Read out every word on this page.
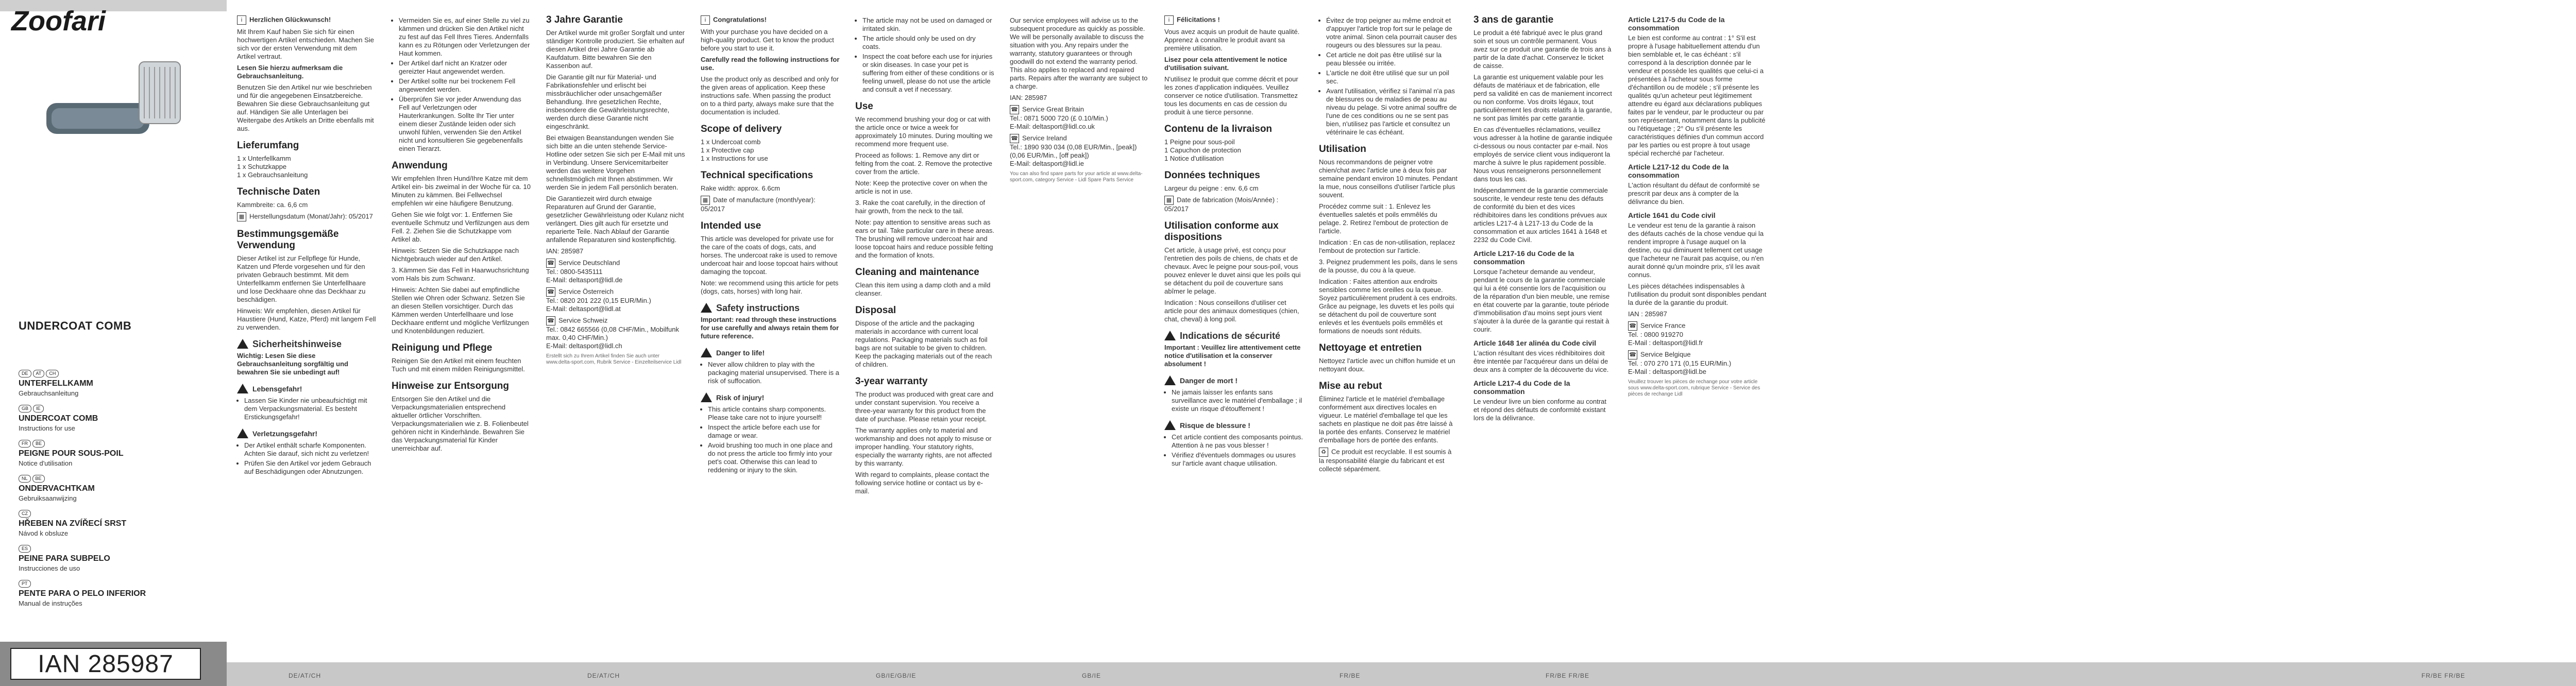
Zoofari
UNDERCOAT COMB
DE AT CH
UNTERFELLKAMM
Gebrauchsanleitung
GB IE
UNDERCOAT COMB
Instructions for use
FR BE
PEIGNE POUR SOUS-POIL
Notice d'utilisation
NL BE
ONDERVACHTKAM
Gebruiksaanwijzing
CZ
HŘEBEN NA ZVÍŘECÍ SRST
Návod k obsluze
ES
PEINE PARA SUBPELO
Instrucciones de uso
PT
PENTE PARA O PELO INFERIOR
Manual de instruções
IAN 285987

i Herzlichen Glückwunsch!

Mit Ihrem Kauf haben Sie sich für einen hochwertigen Artikel entschieden. Machen Sie sich vor der ersten Verwendung mit dem Artikel vertraut.

Lesen Sie hierzu aufmerksam die Gebrauchsanleitung.

Benutzen Sie den Artikel nur wie beschrieben und für die angegebenen Einsatzbereiche. Bewahren Sie diese Gebrauchsanleitung gut auf. Händigen Sie alle Unterlagen bei Weitergabe des Artikels an Dritte ebenfalls mit aus.

Lieferumfang

1 x Unterfellkamm

1 x Schutzkappe

1 x Gebrauchsanleitung

Technische Daten

Kammbreite: ca. 6,6 cm

▦ Herstellungsdatum (Monat/Jahr): 05/2017

Bestimmungsgemäße Verwendung

Dieser Artikel ist zur Fellpflege für Hunde, Katzen und Pferde vorgesehen und für den privaten Gebrauch bestimmt. Mit dem Unterfellkamm entfernen Sie Unterfellhaare und lose Deckhaare ohne das Deckhaar zu beschädigen.

Hinweis: Wir empfehlen, diesen Artikel für Haustiere (Hund, Katze, Pferd) mit langem Fell zu verwenden.

Sicherheitshinweise

Wichtig: Lesen Sie diese Gebrauchsanleitung sorgfältig und bewahren Sie sie unbedingt auf!

Lebensgefahr!
• Lassen Sie Kinder nie unbeaufsichtigt mit dem Verpackungsmaterial. Es besteht Erstickungsgefahr!
Verletzungsgefahr!
• Der Artikel enthält scharfe Komponenten. Achten Sie darauf, sich nicht zu verletzen!
• Prüfen Sie den Artikel vor jedem Gebrauch auf Beschädigungen oder Abnutzungen.
• Vermeiden Sie es, auf einer Stelle zu viel zu kämmen und drücken Sie den Artikel nicht zu fest auf das Fell Ihres Tieres. Andernfalls kann es zu Rötungen oder Verletzungen der Haut kommen.
• Der Artikel darf nicht an Kratzer oder gereizter Haut angewendet werden.
• Der Artikel sollte nur bei trockenem Fell angewendet werden.
• Überprüfen Sie vor jeder Anwendung das Fell auf Verletzungen oder Hauterkrankungen. Sollte Ihr Tier unter einem dieser Zustände leiden oder sich unwohl fühlen, verwenden Sie den Artikel nicht und konsultieren Sie gegebenenfalls einen Tierarzt.
Anwendung

Wir empfehlen Ihren Hund/Ihre Katze mit dem Artikel ein- bis zweimal in der Woche für ca. 10 Minuten zu kämmen. Bei Fellwechsel empfehlen wir eine häufigere Benutzung.

Gehen Sie wie folgt vor: 1. Entfernen Sie eventuelle Schmutz und Verfilzungen aus dem Fell. 2. Ziehen Sie die Schutzkappe vom Artikel ab.

Hinweis: Setzen Sie die Schutzkappe nach Nichtgebrauch wieder auf den Artikel.

3. Kämmen Sie das Fell in Haarwuchsrichtung vom Hals bis zum Schwanz.

Hinweis: Achten Sie dabei auf empfindliche Stellen wie Ohren oder Schwanz. Setzen Sie an diesen Stellen vorsichtiger. Durch das Kämmen werden Unterfellhaare und lose Deckhaare entfernt und mögliche Verfilzungen und Knotenbildungen reduziert.

Reinigung und Pflege

Reinigen Sie den Artikel mit einem feuchten Tuch und mit einem milden Reinigungsmittel.

Hinweise zur Entsorgung

Entsorgen Sie den Artikel und die Verpackungsmaterialien entsprechend aktueller örtlicher Vorschriften. Verpackungsmaterialien wie z. B. Folienbeutel gehören nicht in Kinderhände. Bewahren Sie das Verpackungsmaterial für Kinder unerreichbar auf.

3 Jahre Garantie

Der Artikel wurde mit großer Sorgfalt und unter ständiger Kontrolle produziert. Sie erhalten auf diesen Artikel drei Jahre Garantie ab Kaufdatum. Bitte bewahren Sie den Kassenbon auf.

Die Garantie gilt nur für Material- und Fabrikationsfehler und erlischt bei missbräuchlicher oder unsachgemäßer Behandlung. Ihre gesetzlichen Rechte, insbesondere die Gewährleistungsrechte, werden durch diese Garantie nicht eingeschränkt.

Bei etwaigen Beanstandungen wenden Sie sich bitte an die unten stehende Service-Hotline oder setzen Sie sich per E-Mail mit uns in Verbindung. Unsere Servicemitarbeiter werden das weitere Vorgehen schnellstmöglich mit Ihnen abstimmen. Wir werden Sie in jedem Fall persönlich beraten.

Die Garantiezeit wird durch etwaige Reparaturen auf Grund der Garantie, gesetzlicher Gewährleistung oder Kulanz nicht verlängert. Dies gilt auch für ersetzte und reparierte Teile. Nach Ablauf der Garantie anfallende Reparaturen sind kostenpflichtig.

IAN: 285987

☎ Service Deutschland

Tel.: 0800-5435111

E-Mail: deltasport@lidl.de

☎ Service Österreich

Tel.: 0820 201 222 (0,15 EUR/Min.)

E-Mail: deltasport@lidl.at

☎ Service Schweiz

Tel.: 0842 665566 (0,08 CHF/Min., Mobilfunk max. 0,40 CHF/Min.)

E-Mail: deltasport@lidl.ch

Erstellt sich zu Ihrem Artikel finden Sie auch unter www.delta-sport.com, Rubrik Service - Einzelteilservice Lidl

i Congratulations!

With your purchase you have decided on a high-quality product. Get to know the product before you start to use it.

Carefully read the following instructions for use.

Use the product only as described and only for the given areas of application. Keep these instructions safe. When passing the product on to a third party, always make sure that the documentation is included.

Scope of delivery

1 x Undercoat comb

1 x Protective cap

1 x Instructions for use

Technical specifications

Rake width: approx. 6.6cm

▦ Date of manufacture (month/year): 05/2017

Intended use

This article was developed for private use for the care of the coats of dogs, cats, and horses. The undercoat rake is used to remove undercoat hair and loose topcoat hairs without damaging the topcoat.

Note: we recommend using this article for pets (dogs, cats, horses) with long hair.

Safety instructions

Important: read through these instructions for use carefully and always retain them for future reference.

Danger to life!
• Never allow children to play with the packaging material unsupervised. There is a risk of suffocation.
Risk of injury!
• This article contains sharp components. Please take care not to injure yourself!
• Inspect the article before each use for damage or wear.
• Avoid brushing too much in one place and do not press the article too firmly into your pet's coat. Otherwise this can lead to reddening or injury to the skin.
• The article may not be used on damaged or irritated skin.
• The article should only be used on dry coats.
• Inspect the coat before each use for injuries or skin diseases. In case your pet is suffering from either of these conditions or is feeling unwell, please do not use the article and consult a vet if necessary.
Use

We recommend brushing your dog or cat with the article once or twice a week for approximately 10 minutes. During moulting we recommend more frequent use.

Proceed as follows: 1. Remove any dirt or felting from the coat. 2. Remove the protective cover from the article.

Note: Keep the protective cover on when the article is not in use.

3. Rake the coat carefully, in the direction of hair growth, from the neck to the tail.

Note: pay attention to sensitive areas such as ears or tail. Take particular care in these areas. The brushing will remove undercoat hair and loose topcoat hairs and reduce possible felting and the formation of knots.

Cleaning and maintenance

Clean this item using a damp cloth and a mild cleanser.

Disposal

Dispose of the article and the packaging materials in accordance with current local regulations. Packaging materials such as foil bags are not suitable to be given to children. Keep the packaging materials out of the reach of children.

3-year warranty

The product was produced with great care and under constant supervision. You receive a three-year warranty for this product from the date of purchase. Please retain your receipt.

The warranty applies only to material and workmanship and does not apply to misuse or improper handling. Your statutory rights, especially the warranty rights, are not affected by this warranty.

With regard to complaints, please contact the following service hotline or contact us by e-mail.

Our service employees will advise us to the subsequent procedure as quickly as possible. We will be personally available to discuss the situation with you. Any repairs under the warranty, statutory guarantees or through goodwill do not extend the warranty period. This also applies to replaced and repaired parts. Repairs after the warranty are subject to a charge.

IAN: 285987

☎ Service Great Britain

Tel.: 0871 5000 720 (£ 0.10/Min.)

E-Mail: deltasport@lidl.co.uk

☎ Service Ireland

Tel.: 1890 930 034 (0,08 EUR/Min., [peak]) (0,06 EUR/Min., [off peak])

E-Mail: deltasport@lidl.ie

You can also find spare parts for your article at www.delta-sport.com, category Service - Lidl Spare Parts Service

i Félicitations !

Vous avez acquis un produit de haute qualité. Apprenez à connaître le produit avant sa première utilisation.

Lisez pour cela attentivement le notice d'utilisation suivant.

N'utilisez le produit que comme décrit et pour les zones d'application indiquées. Veuillez conserver ce notice d'utilisation. Transmettez tous les documents en cas de cession du produit à une tierce personne.

Contenu de la livraison

1 Peigne pour sous-poil

1 Capuchon de protection

1 Notice d'utilisation

Données techniques

Largeur du peigne : env. 6,6 cm

▦ Date de fabrication (Mois/Année) : 05/2017

Utilisation conforme aux dispositions

Cet article, à usage privé, est conçu pour l'entretien des poils de chiens, de chats et de chevaux. Avec le peigne pour sous-poil, vous pouvez enlever le duvet ainsi que les poils qui se détachent du poil de couverture sans abîmer le pelage.

Indication : Nous conseillons d'utiliser cet article pour des animaux domestiques (chien, chat, cheval) à long poil.

Indications de sécurité

Important : Veuillez lire attentivement cette notice d'utilisation et la conserver absolument !

Danger de mort !
• Ne jamais laisser les enfants sans surveillance avec le matériel d'emballage ; il existe un risque d'étouffement !
Risque de blessure !
• Cet article contient des composants pointus. Attention à ne pas vous blesser !
• Vérifiez d'éventuels dommages ou usures sur l'article avant chaque utilisation.
• Évitez de trop peigner au même endroit et d'appuyer l'article trop fort sur le pelage de votre animal. Sinon cela pourrait causer des rougeurs ou des blessures sur la peau.
• Cet article ne doit pas être utilisé sur la peau blessée ou irritée.
• L'article ne doit être utilisé que sur un poil sec.
• Avant l'utilisation, vérifiez si l'animal n'a pas de blessures ou de maladies de peau au niveau du pelage. Si votre animal souffre de l'une de ces conditions ou ne se sent pas bien, n'utilisez pas l'article et consultez un vétérinaire le cas échéant.
Utilisation

Nous recommandons de peigner votre chien/chat avec l'article une à deux fois par semaine pendant environ 10 minutes. Pendant la mue, nous conseillons d'utiliser l'article plus souvent.

Procédez comme suit : 1. Enlevez les éventuelles saletés et poils emmêlés du pelage. 2. Retirez l'embout de protection de l'article.

Indication : En cas de non-utilisation, replacez l'embout de protection sur l'article.

3. Peignez prudemment les poils, dans le sens de la pousse, du cou à la queue.

Indication : Faites attention aux endroits sensibles comme les oreilles ou la queue. Soyez particulièrement prudent à ces endroits. Grâce au peignage, les duvets et les poils qui se détachent du poil de couverture sont enlevés et les éventuels poils emmêlés et formations de noeuds sont réduits.

Nettoyage et entretien

Nettoyez l'article avec un chiffon humide et un nettoyant doux.

Mise au rebut

Éliminez l'article et le matériel d'emballage conformément aux directives locales en vigueur. Le matériel d'emballage tel que les sachets en plastique ne doit pas être laissé à la portée des enfants. Conservez le matériel d'emballage hors de portée des enfants.

♻ Ce produit est recyclable. Il est soumis à la responsabilité élargie du fabricant et est collecté séparément.

3 ans de garantie

Le produit a été fabriqué avec le plus grand soin et sous un contrôle permanent. Vous avez sur ce produit une garantie de trois ans à partir de la date d'achat. Conservez le ticket de caisse.

La garantie est uniquement valable pour les défauts de matériaux et de fabrication, elle perd sa validité en cas de maniement incorrect ou non conforme. Vos droits légaux, tout particulièrement les droits relatifs à la garantie, ne sont pas limités par cette garantie.

En cas d'éventuelles réclamations, veuillez vous adresser à la hotline de garantie indiquée ci-dessous ou nous contacter par e-mail. Nos employés de service client vous indiqueront la marche à suivre le plus rapidement possible. Nous vous renseignerons personnellement dans tous les cas.

Indépendamment de la garantie commerciale souscrite, le vendeur reste tenu des défauts de conformité du bien et des vices rédhibitoires dans les conditions prévues aux articles L217-4 à L217-13 du Code de la consommation et aux articles 1641 à 1648 et 2232 du Code Civil.

Article L217-16 du Code de la consommation

Lorsque l'acheteur demande au vendeur, pendant le cours de la garantie commerciale qui lui a été consentie lors de l'acquisition ou de la réparation d'un bien meuble, une remise en état couverte par la garantie, toute période d'immobilisation d'au moins sept jours vient s'ajouter à la durée de la garantie qui restait à courir.

Article 1648 1er alinéa du Code civil

L'action résultant des vices rédhibitoires doit être intentée par l'acquéreur dans un délai de deux ans à compter de la découverte du vice.

Article L217-4 du Code de la consommation

Le vendeur livre un bien conforme au contrat et répond des défauts de conformité existant lors de la délivrance.

Article L217-5 du Code de la consommation

Le bien est conforme au contrat : 1° S'il est propre à l'usage habituellement attendu d'un bien semblable et, le cas échéant : s'il correspond à la description donnée par le vendeur et possède les qualités que celui-ci a présentées à l'acheteur sous forme d'échantillon ou de modèle ; s'il présente les qualités qu'un acheteur peut légitimement attendre eu égard aux déclarations publiques faites par le vendeur, par le producteur ou par son représentant, notamment dans la publicité ou l'étiquetage ; 2° Ou s'il présente les caractéristiques définies d'un commun accord par les parties ou est propre à tout usage spécial recherché par l'acheteur.

Article L217-12 du Code de la consommation

L'action résultant du défaut de conformité se prescrit par deux ans à compter de la délivrance du bien.

Article 1641 du Code civil

Le vendeur est tenu de la garantie à raison des défauts cachés de la chose vendue qui la rendent impropre à l'usage auquel on la destine, ou qui diminuent tellement cet usage que l'acheteur ne l'aurait pas acquise, ou n'en aurait donné qu'un moindre prix, s'il les avait connus.

Les pièces détachées indispensables à l'utilisation du produit sont disponibles pendant la durée de la garantie du produit.

IAN : 285987

☎ Service France

Tel. : 0800 919270

E-Mail : deltasport@lidl.fr

☎ Service Belgique

Tel. : 070 270 171 (0,15 EUR/Min.)

E-Mail : deltasport@lidl.be

Veuillez trouver les pièces de rechange pour votre article sous www.delta-sport.com, rubrique Service - Service des pièces de rechange Lidl

DE/AT/CH	DE/AT/CH	GB/IE/GB/IE	GB/IE	FR/BE	FR/BE FR/BE	FR/BE FR/BE
